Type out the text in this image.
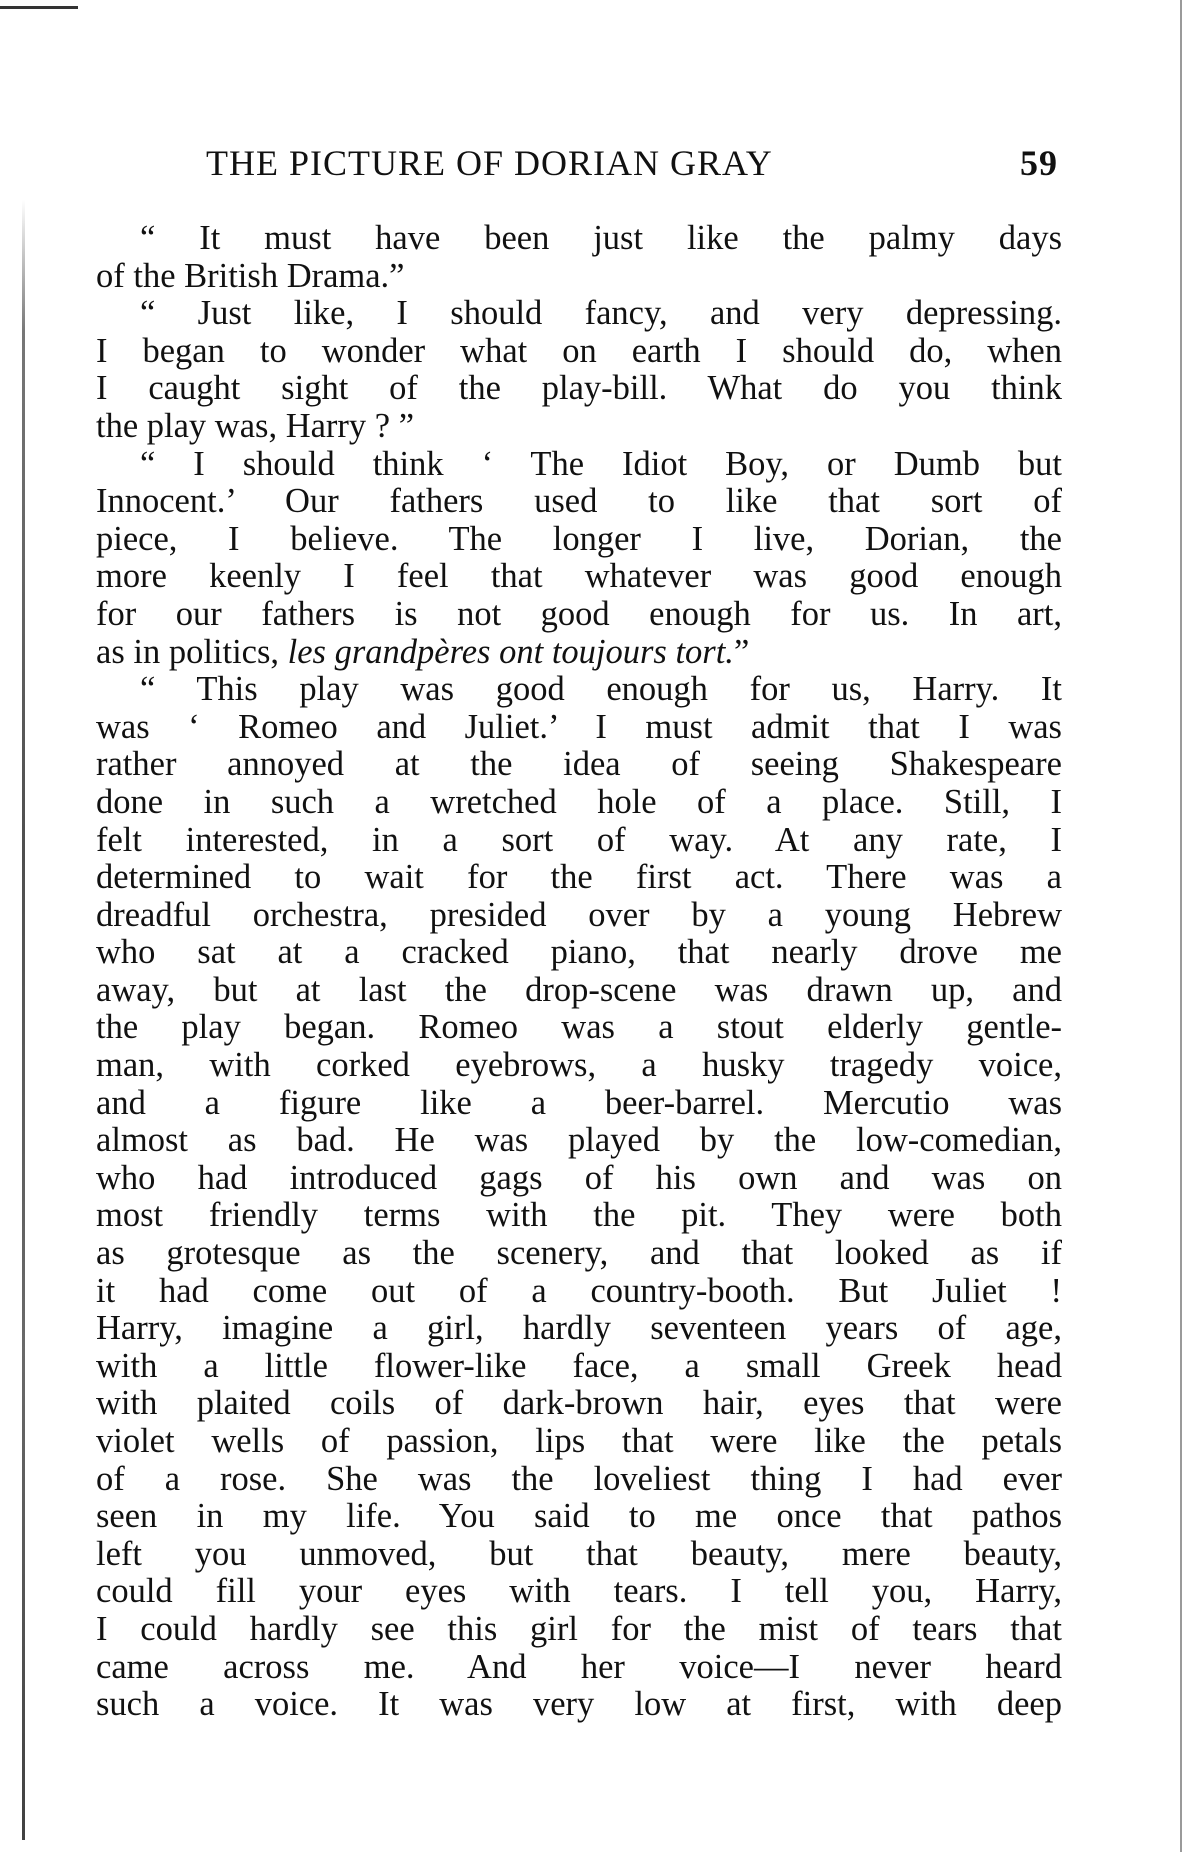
THE PICTURE OF DORIAN GRAY	59
“ It must have been just like the palmy days
of the British Drama.”
“ Just like, I should fancy, and very depressing.
I began to wonder what on earth I should do, when
I caught sight of the play-bill. What do you think
the play was, Harry ? ”
“ I should think ‘ The Idiot Boy, or Dumb but
Innocent.’ Our fathers used to like that sort of
piece, I believe. The longer I live, Dorian, the
more keenly I feel that whatever was good enough
for our fathers is not good enough for us. In art,
as in politics, les grandpères ont toujours tort.”
“ This play was good enough for us, Harry. It
was ‘ Romeo and Juliet.’ I must admit that I was
rather annoyed at the idea of seeing Shakespeare
done in such a wretched hole of a place. Still, I
felt interested, in a sort of way. At any rate, I
determined to wait for the first act. There was a
dreadful orchestra, presided over by a young Hebrew
who sat at a cracked piano, that nearly drove me
away, but at last the drop-scene was drawn up, and
the play began. Romeo was a stout elderly gentle-
man, with corked eyebrows, a husky tragedy voice,
and a figure like a beer-barrel. Mercutio was
almost as bad. He was played by the low-comedian,
who had introduced gags of his own and was on
most friendly terms with the pit. They were both
as grotesque as the scenery, and that looked as if
it had come out of a country-booth. But Juliet !
Harry, imagine a girl, hardly seventeen years of age,
with a little flower-like face, a small Greek head
with plaited coils of dark-brown hair, eyes that were
violet wells of passion, lips that were like the petals
of a rose. She was the loveliest thing I had ever
seen in my life. You said to me once that pathos
left you unmoved, but that beauty, mere beauty,
could fill your eyes with tears. I tell you, Harry,
I could hardly see this girl for the mist of tears that
came across me. And her voice—I never heard
such a voice. It was very low at first, with deep
